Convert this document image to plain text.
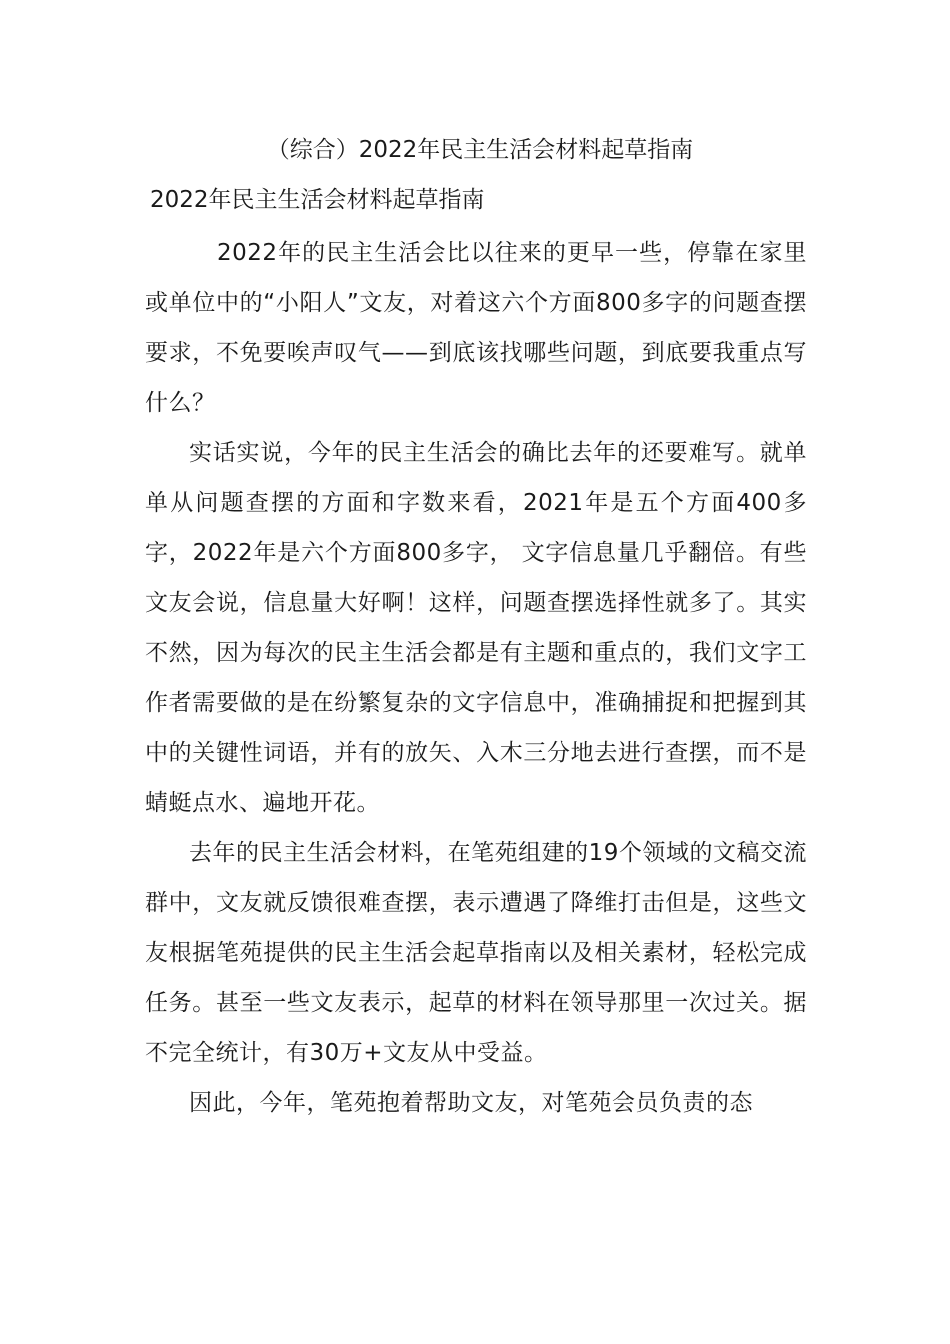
（综合）2022年民主生活会材料起草指南
2022年民主生活会材料起草指南

2022年的民主生活会比以往来的更早一些，停靠在家里或单位中的“小阳人”文友，对着这六个方面800多字的问题查摆要求，不免要唉声叹气——到底该找哪些问题，到底要我重点写什么？

实话实说，今年的民主生活会的确比去年的还要难写。就单单从问题查摆的方面和字数来看，2021年是五个方面400多字，2022年是六个方面800多字， 文字信息量几乎翻倍。有些文友会说，信息量大好啊！这样，问题查摆选择性就多了。其实不然，因为每次的民主生活会都是有主题和重点的，我们文字工作者需要做的是在纷繁复杂的文字信息中，准确捕捉和把握到其中的关键性词语，并有的放矢、入木三分地去进行查摆，而不是蜻蜓点水、遍地开花。

去年的民主生活会材料，在笔苑组建的19个领域的文稿交流群中，文友就反馈很难查摆，表示遭遇了降维打击但是，这些文友根据笔苑提供的民主生活会起草指南以及相关素材，轻松完成任务。甚至一些文友表示，起草的材料在领导那里一次过关。据不完全统计，有30万+文友从中受益。

因此，今年，笔苑抱着帮助文友，对笔苑会员负责的态
